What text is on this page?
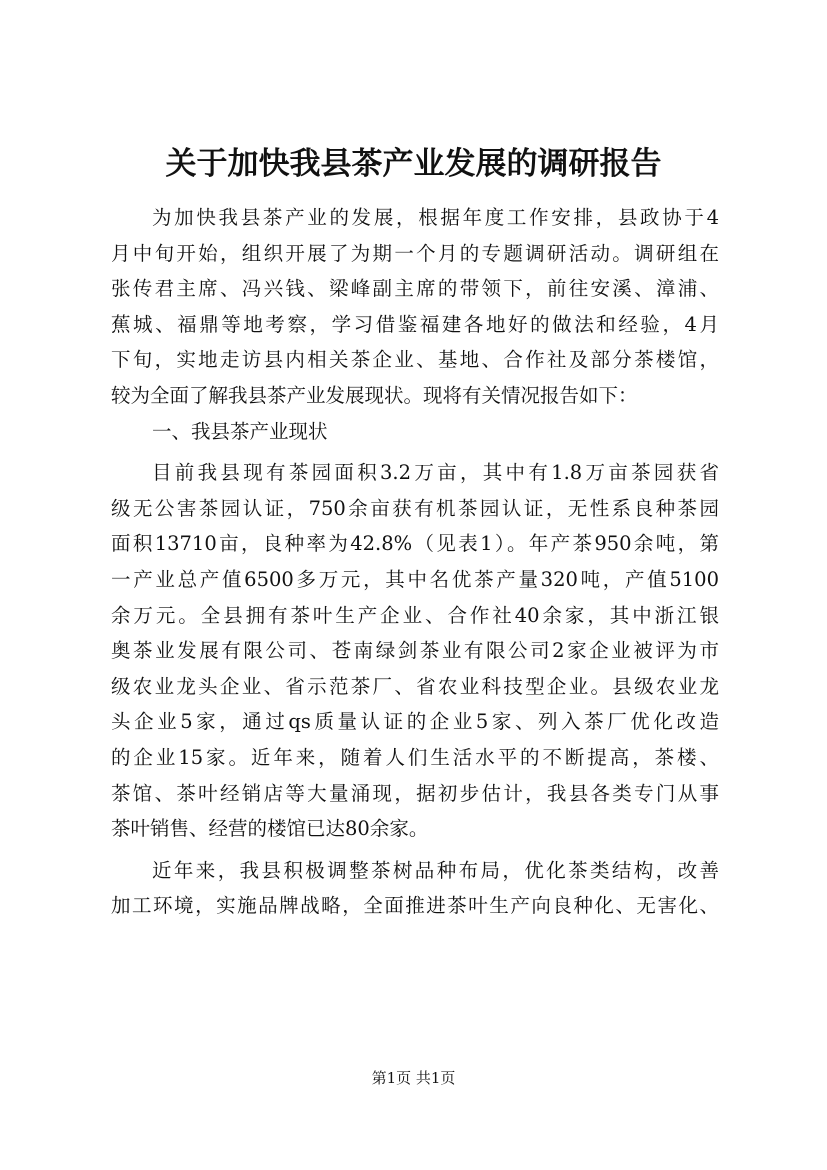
关于加快我县茶产业发展的调研报告
为加快我县茶产业的发展，根据年度工作安排，县政协于4
月中旬开始，组织开展了为期一个月的专题调研活动。调研组在
张传君主席、冯兴钱、梁峰副主席的带领下，前往安溪、漳浦、
蕉城、福鼎等地考察，学习借鉴福建各地好的做法和经验，4月
下旬，实地走访县内相关茶企业、基地、合作社及部分茶楼馆，
较为全面了解我县茶产业发展现状。现将有关情况报告如下：
一、我县茶产业现状
目前我县现有茶园面积3.2万亩，其中有1.8万亩茶园获省
级无公害茶园认证，750余亩获有机茶园认证，无性系良种茶园
面积13710亩，良种率为42.8%（见表1）。年产茶950余吨，第
一产业总产值6500多万元，其中名优茶产量320吨，产值5100
余万元。全县拥有茶叶生产企业、合作社40余家，其中浙江银
奥茶业发展有限公司、苍南绿剑茶业有限公司2家企业被评为市
级农业龙头企业、省示范茶厂、省农业科技型企业。县级农业龙
头企业5家，通过qs质量认证的企业5家、列入茶厂优化改造
的企业15家。近年来，随着人们生活水平的不断提高，茶楼、
茶馆、茶叶经销店等大量涌现，据初步估计，我县各类专门从事
茶叶销售、经营的楼馆已达80余家。
近年来，我县积极调整茶树品种布局，优化茶类结构，改善
加工环境，实施品牌战略，全面推进茶叶生产向良种化、无害化、
第1页 共1页
